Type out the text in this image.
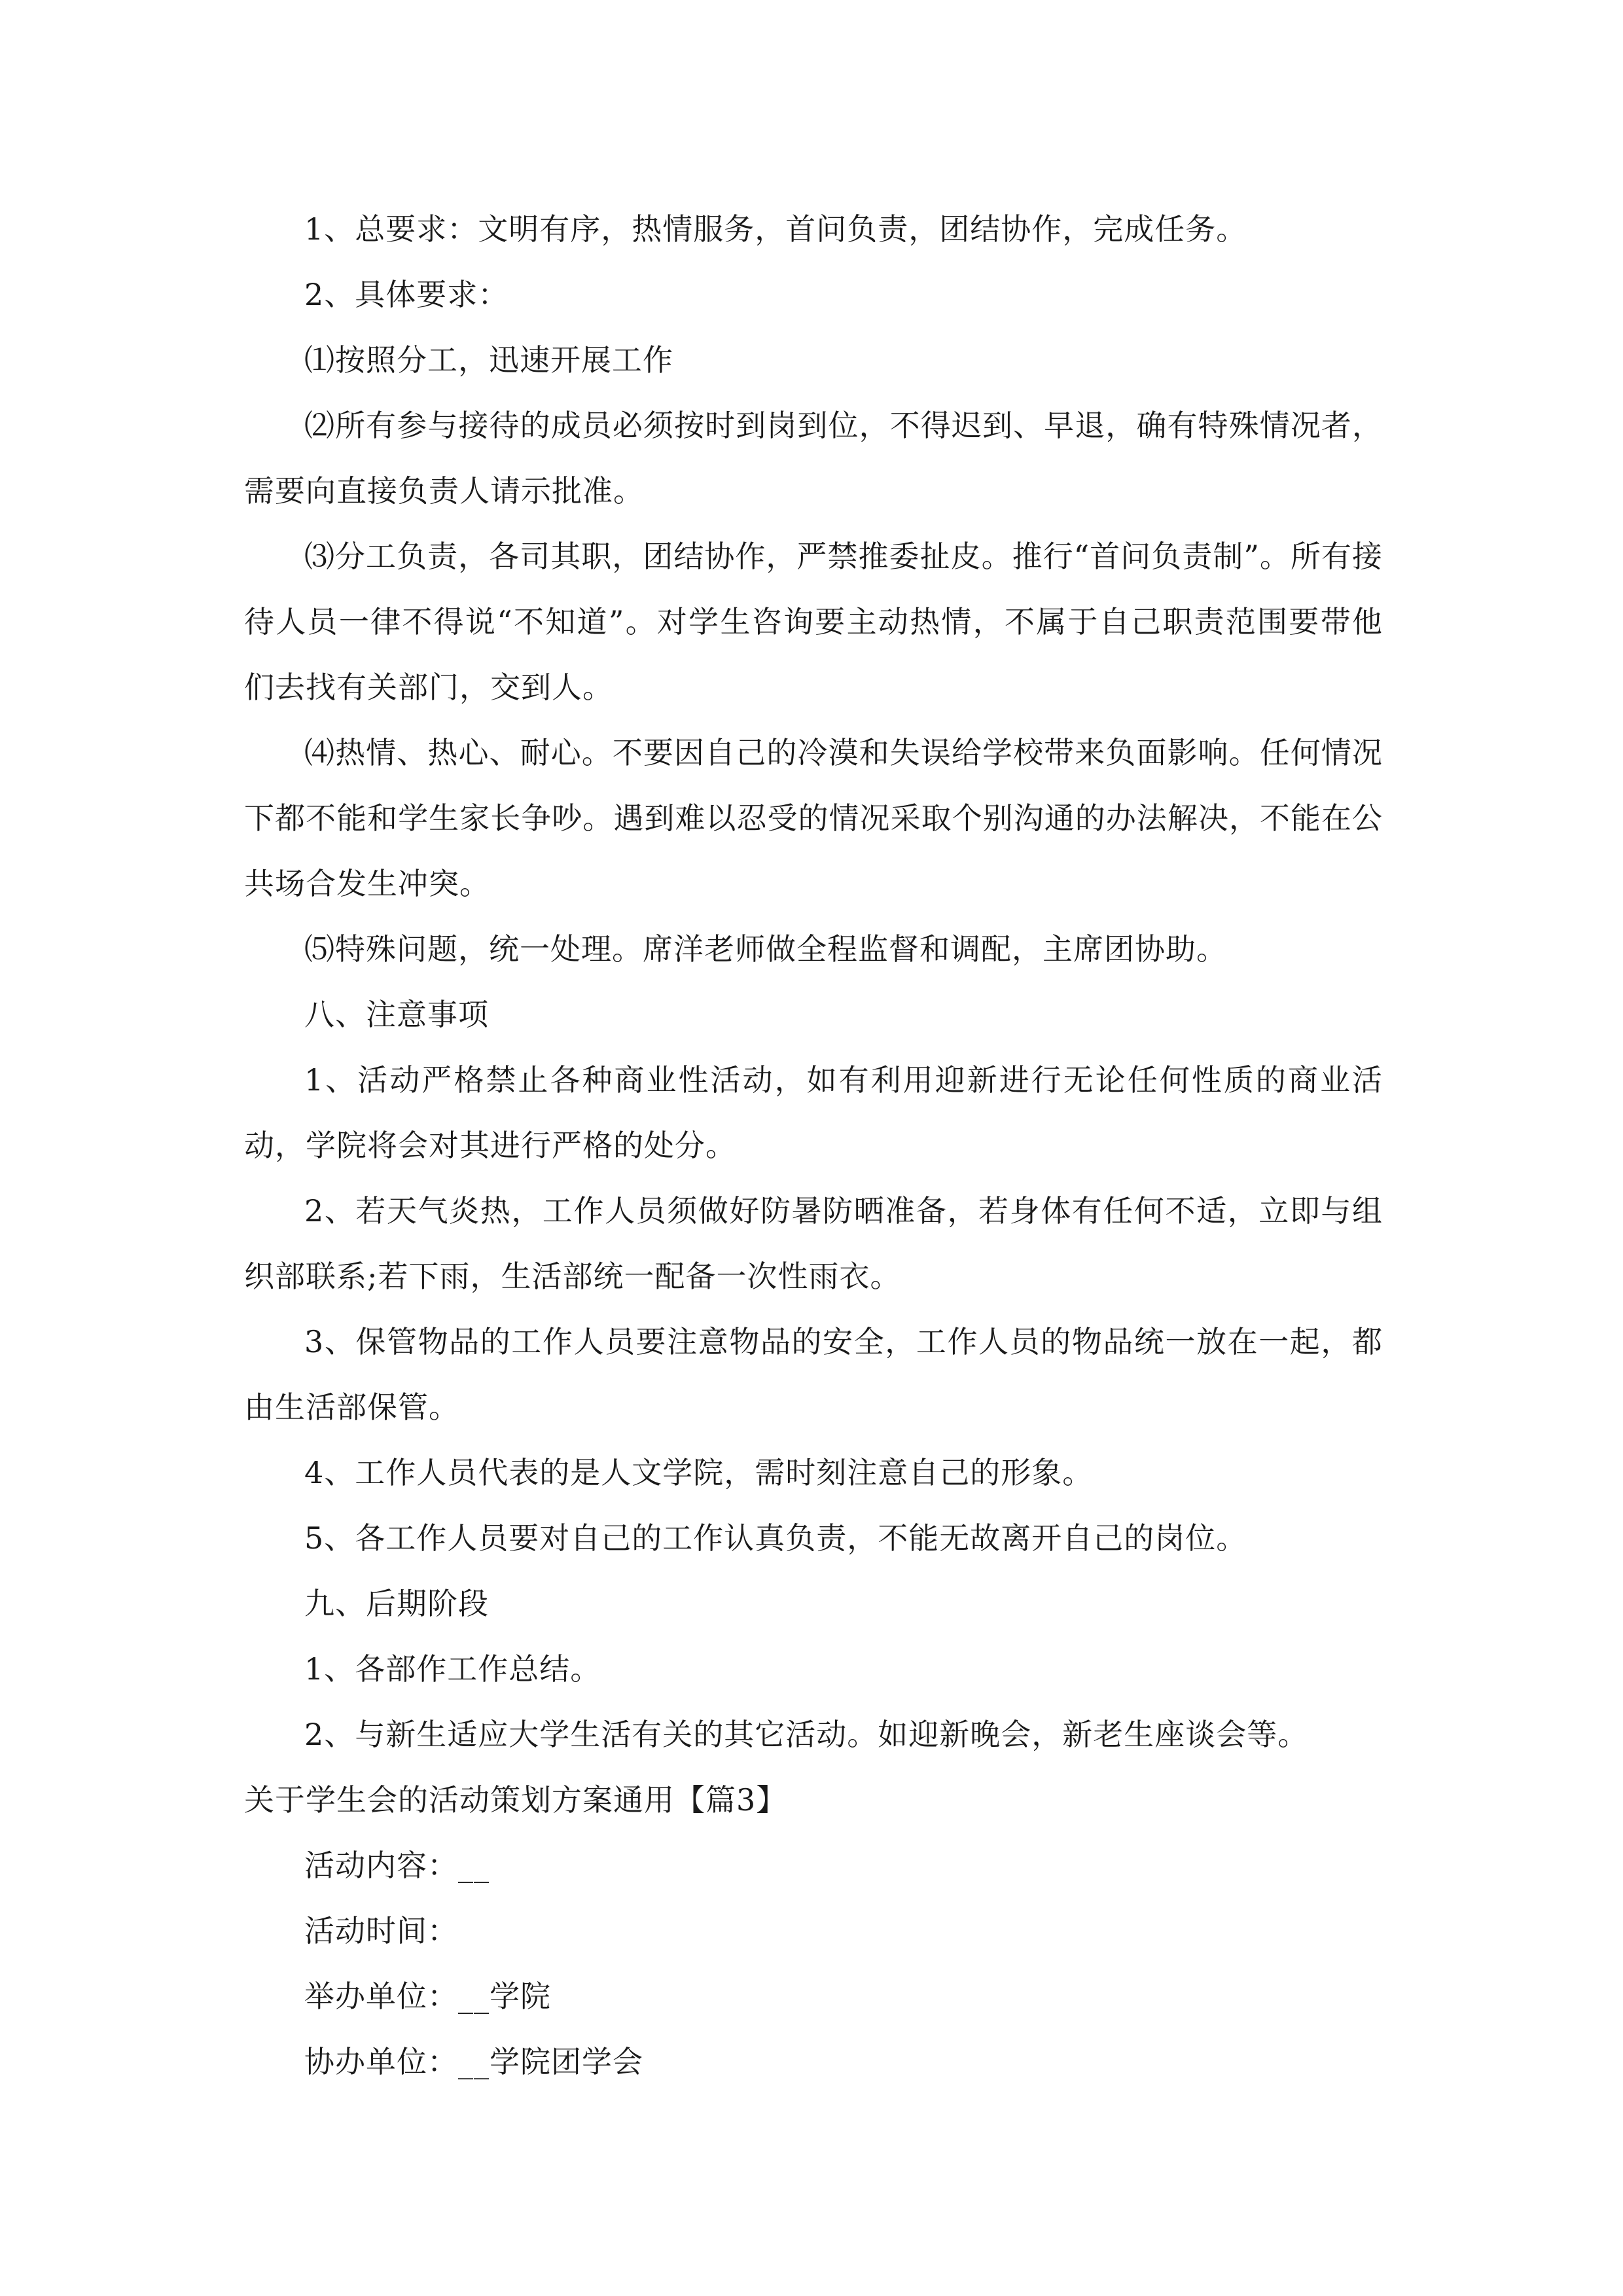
1、总要求：文明有序，热情服务，首问负责，团结协作，完成任务。

2、具体要求：

⑴按照分工，迅速开展工作

⑵所有参与接待的成员必须按时到岗到位，不得迟到、早退，确有特殊情况者，需要向直接负责人请示批准。

⑶分工负责，各司其职，团结协作，严禁推委扯皮。推行“首问负责制”。所有接待人员一律不得说“不知道”。对学生咨询要主动热情，不属于自己职责范围要带他们去找有关部门，交到人。

⑷热情、热心、耐心。不要因自己的冷漠和失误给学校带来负面影响。任何情况下都不能和学生家长争吵。遇到难以忍受的情况采取个别沟通的办法解决，不能在公共场合发生冲突。

⑸特殊问题，统一处理。席洋老师做全程监督和调配，主席团协助。

八、注意事项

1、活动严格禁止各种商业性活动，如有利用迎新进行无论任何性质的商业活动，学院将会对其进行严格的处分。

2、若天气炎热，工作人员须做好防暑防晒准备，若身体有任何不适，立即与组织部联系;若下雨，生活部统一配备一次性雨衣。

3、保管物品的工作人员要注意物品的安全，工作人员的物品统一放在一起，都由生活部保管。

4、工作人员代表的是人文学院，需时刻注意自己的形象。

5、各工作人员要对自己的工作认真负责，不能无故离开自己的岗位。

九、后期阶段

1、各部作工作总结。

2、与新生适应大学生活有关的其它活动。如迎新晚会，新老生座谈会等。

关于学生会的活动策划方案通用【篇3】

活动内容：__

活动时间：

举办单位：__学院

协办单位：__学院团学会
